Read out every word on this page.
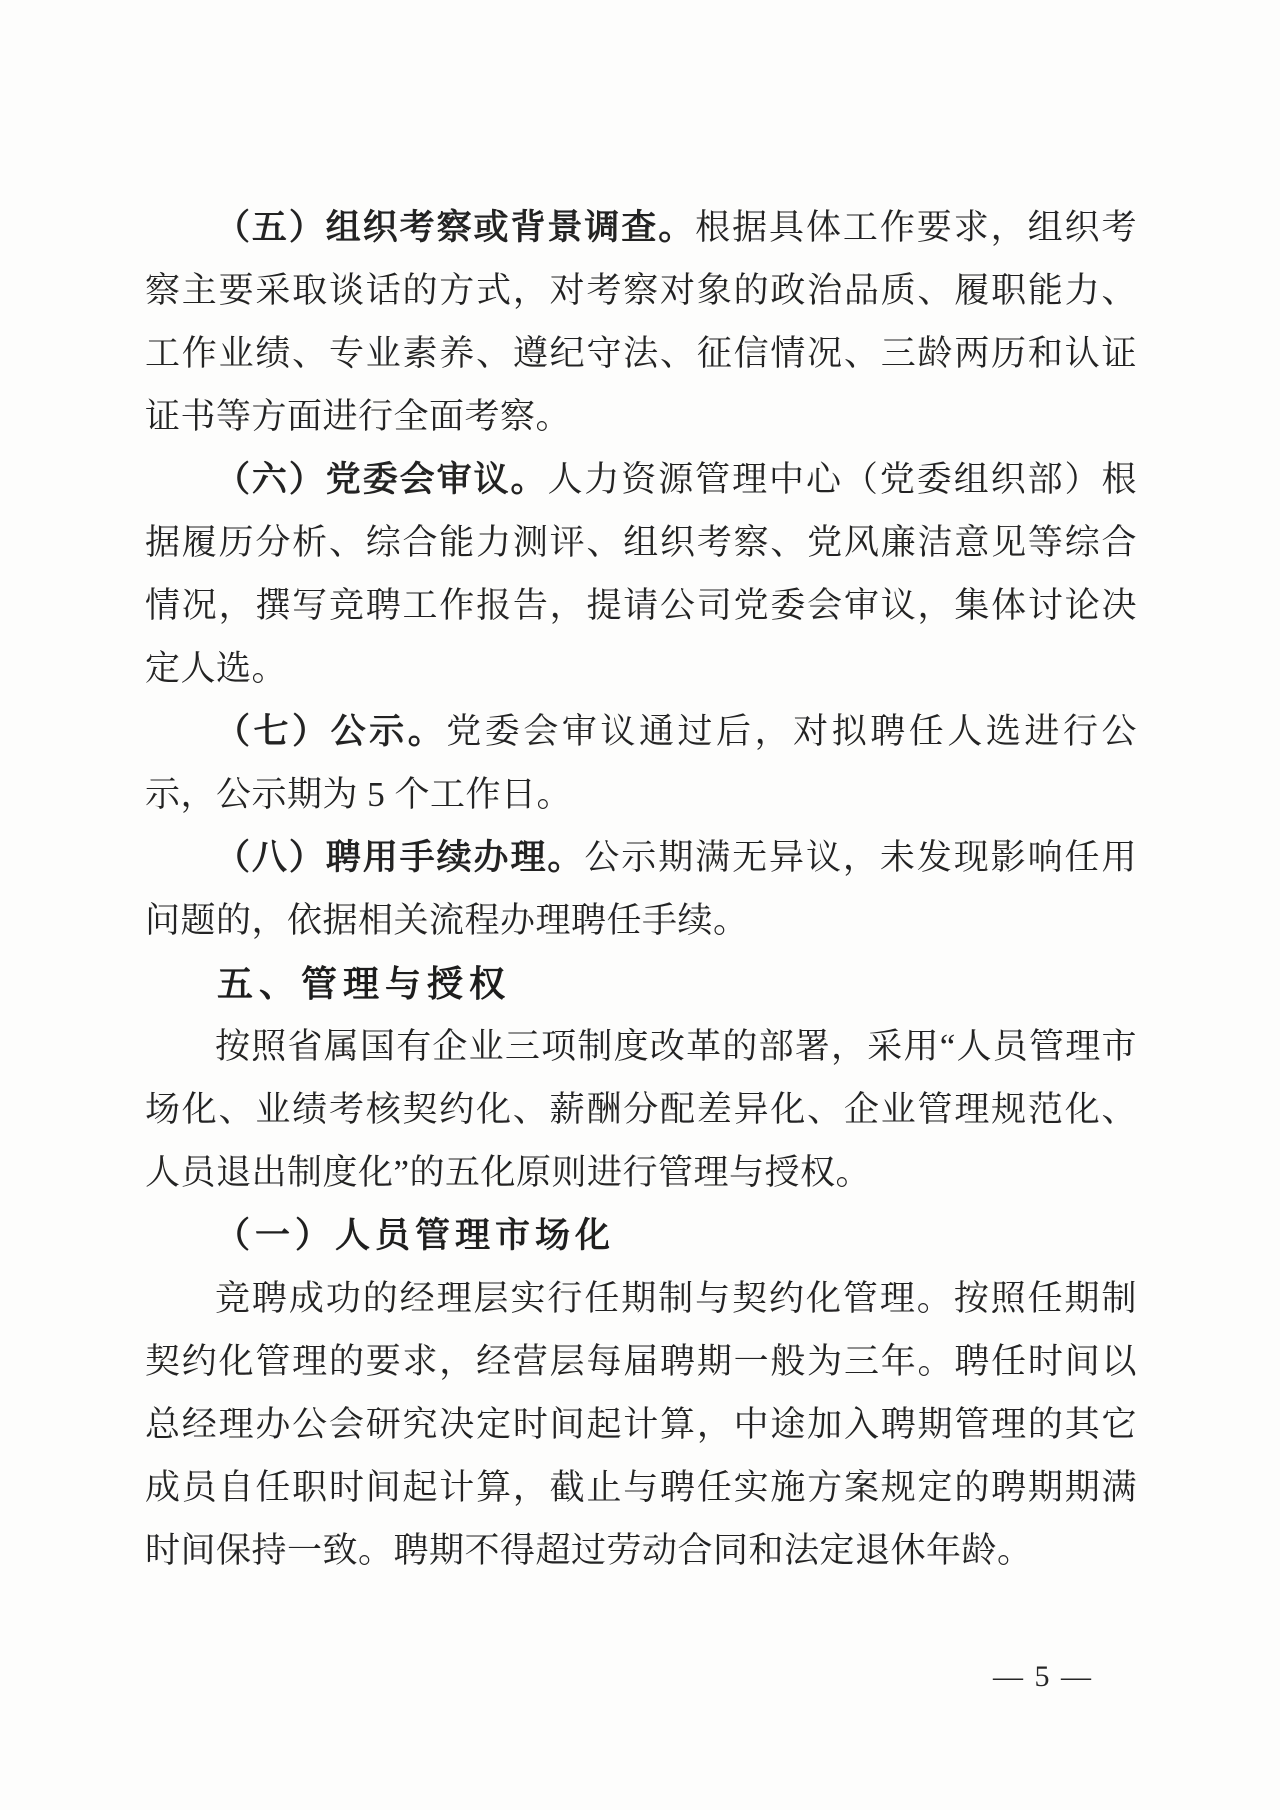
（五）组织考察或背景调查。根据具体工作要求，组织考察主要采取谈话的方式，对考察对象的政治品质、履职能力、工作业绩、专业素养、遵纪守法、征信情况、三龄两历和认证证书等方面进行全面考察。

（六）党委会审议。人力资源管理中心（党委组织部）根据履历分析、综合能力测评、组织考察、党风廉洁意见等综合情况，撰写竞聘工作报告，提请公司党委会审议，集体讨论决定人选。

（七）公示。党委会审议通过后，对拟聘任人选进行公示，公示期为 5 个工作日。

（八）聘用手续办理。公示期满无异议，未发现影响任用问题的，依据相关流程办理聘任手续。

五、管理与授权

按照省属国有企业三项制度改革的部署，采用“人员管理市场化、业绩考核契约化、薪酬分配差异化、企业管理规范化、人员退出制度化”的五化原则进行管理与授权。

（一）人员管理市场化

竞聘成功的经理层实行任期制与契约化管理。按照任期制契约化管理的要求，经营层每届聘期一般为三年。聘任时间以总经理办公会研究决定时间起计算，中途加入聘期管理的其它成员自任职时间起计算，截止与聘任实施方案规定的聘期期满时间保持一致。聘期不得超过劳动合同和法定退休年龄。

— 5 —
